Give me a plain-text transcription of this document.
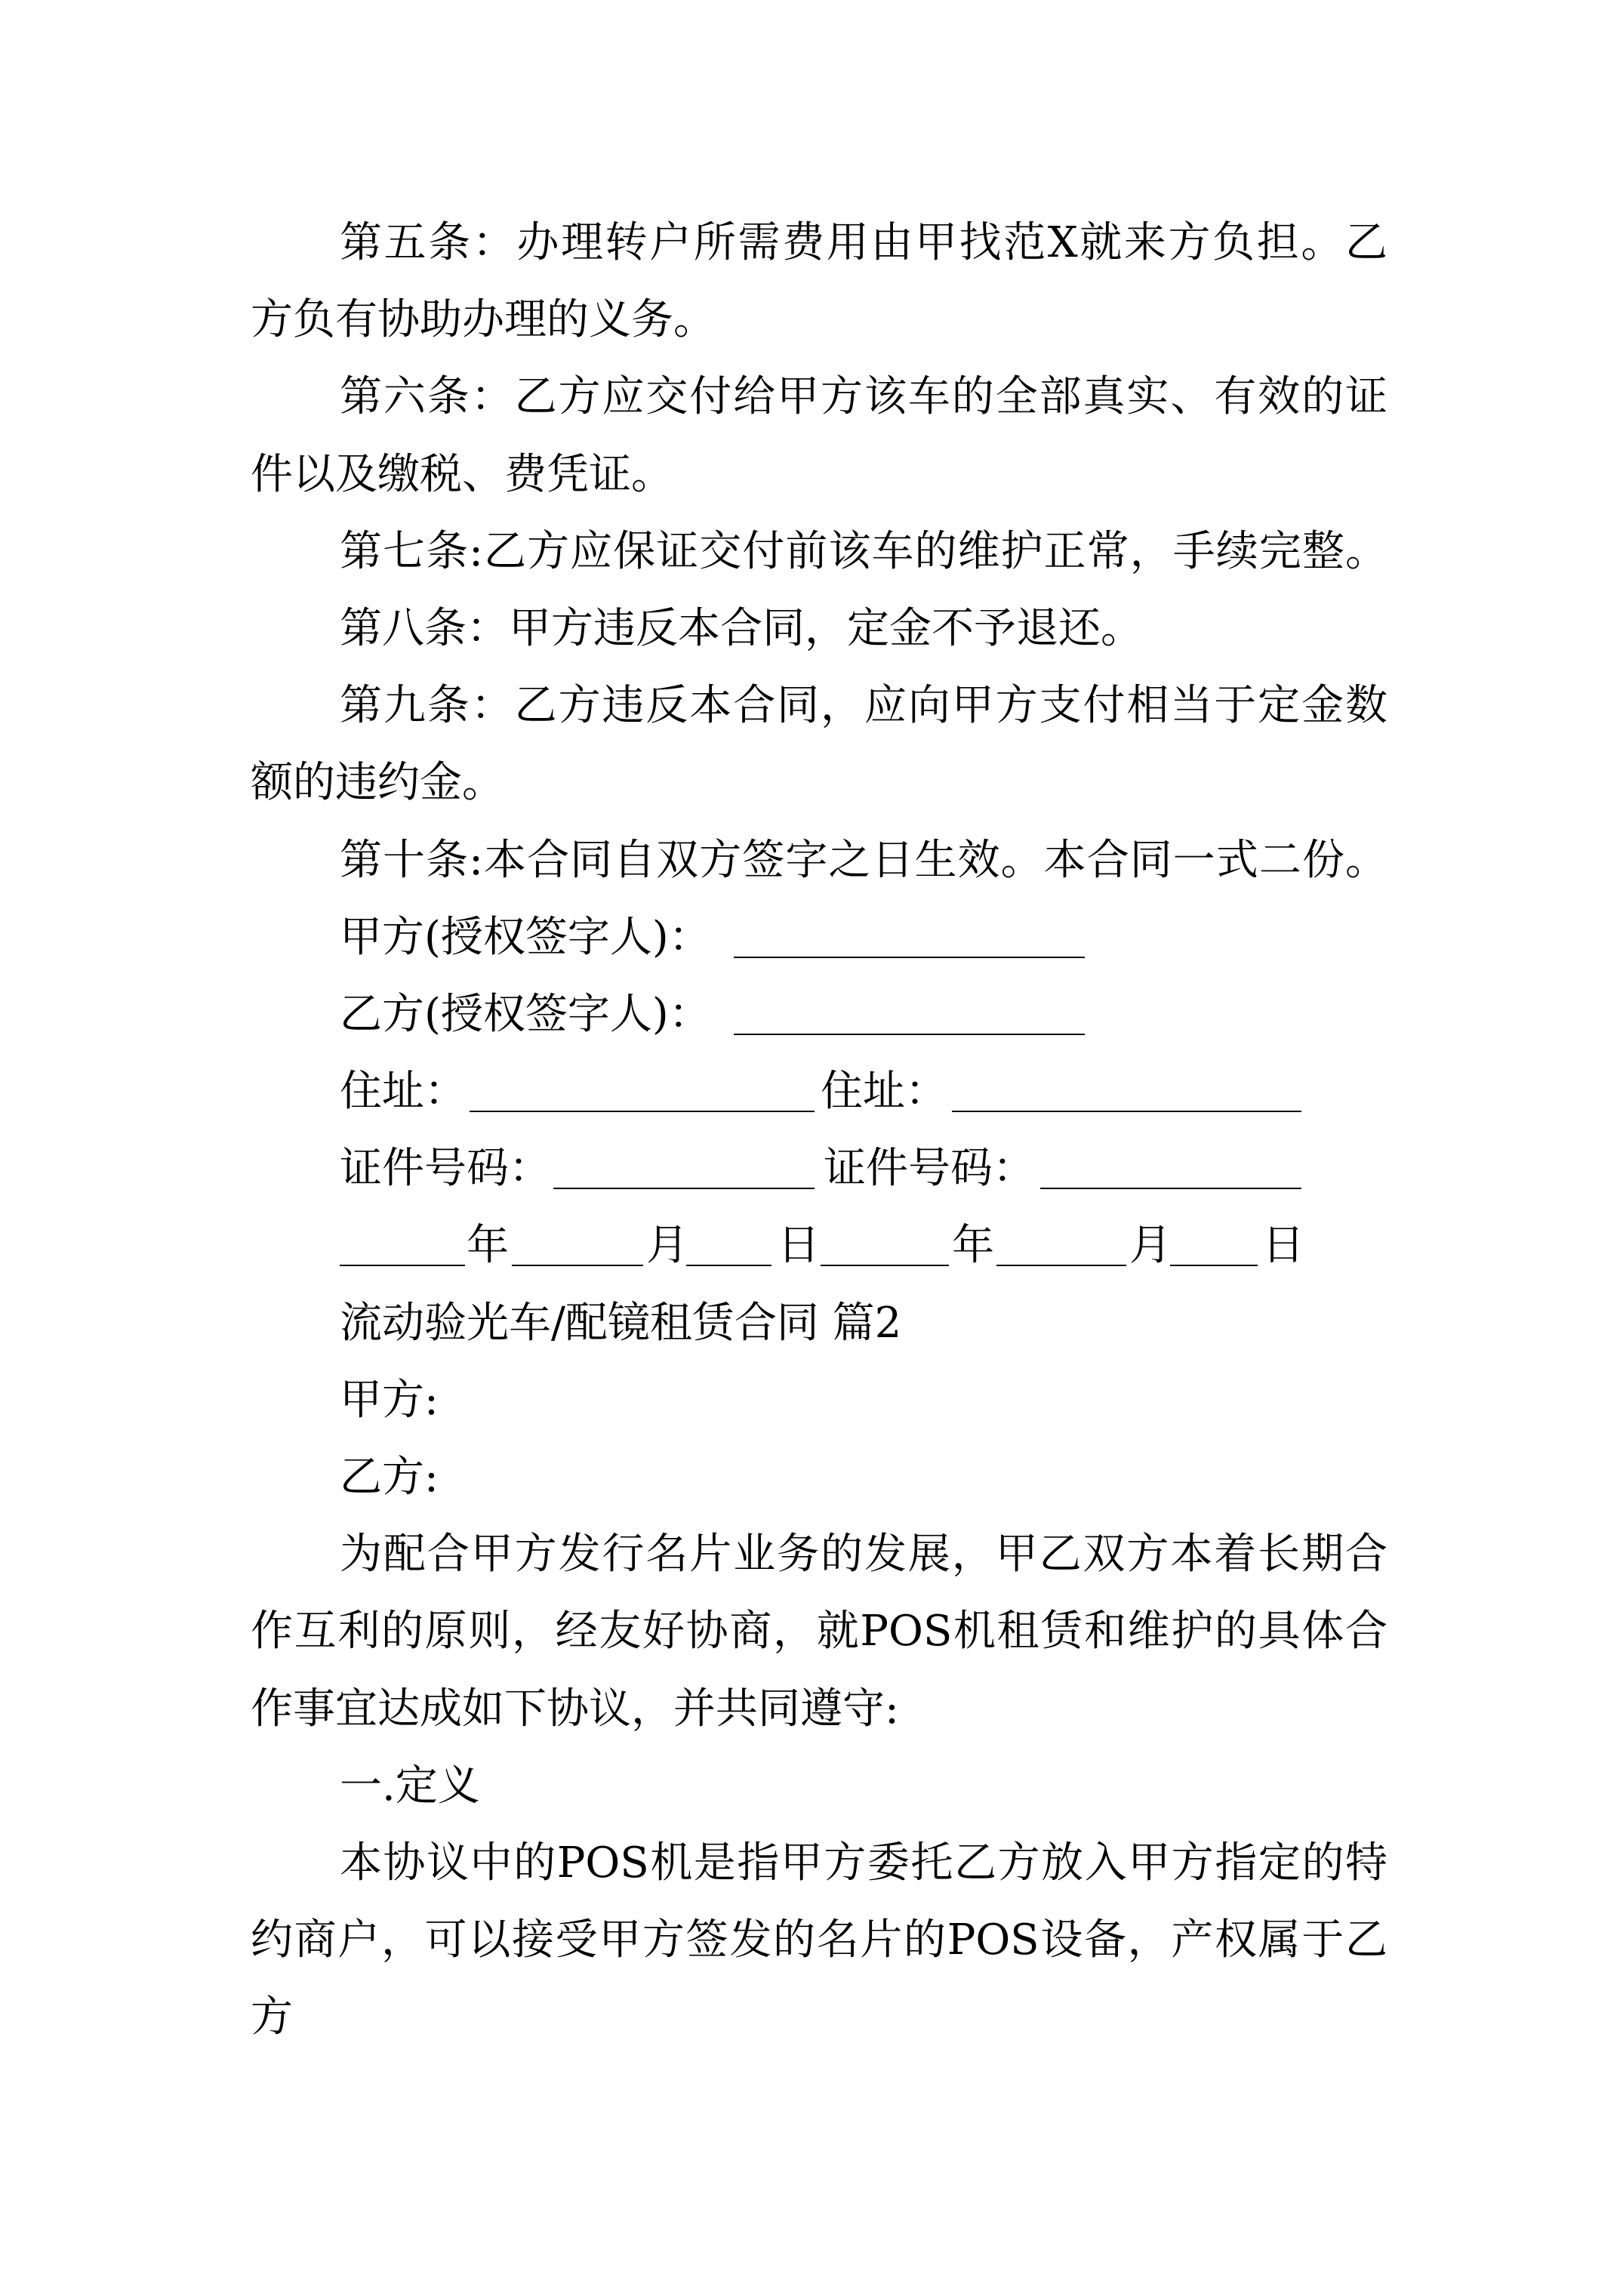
第五条：办理转户所需费用由甲找范X就来方负担。乙
方负有协助办理的义务。
第六条：乙方应交付给甲方该车的全部真实、有效的证
件以及缴税、费凭证。
第七条:乙方应保证交付前该车的维护正常，手续完整。
第八条：甲方违反本合同，定金不予退还。
第九条：乙方违反本合同，应向甲方支付相当于定金数
额的违约金。
第十条:本合同自双方签字之日生效。本合同一式二份。
甲方(授权签字人)：
乙方(授权签字人)：
住址：	住址：
证件号码：	证件号码：
年	月 日	年	月 日
流动验光车/配镜租赁合同 篇2
甲方:
乙方:
为配合甲方发行名片业务的发展，甲乙双方本着长期合
作互利的原则，经友好协商，就POS机租赁和维护的具体合
作事宜达成如下协议，并共同遵守:
一.定义
本协议中的POS机是指甲方委托乙方放入甲方指定的特
约商户，可以接受甲方签发的名片的POS设备，产权属于乙
方
